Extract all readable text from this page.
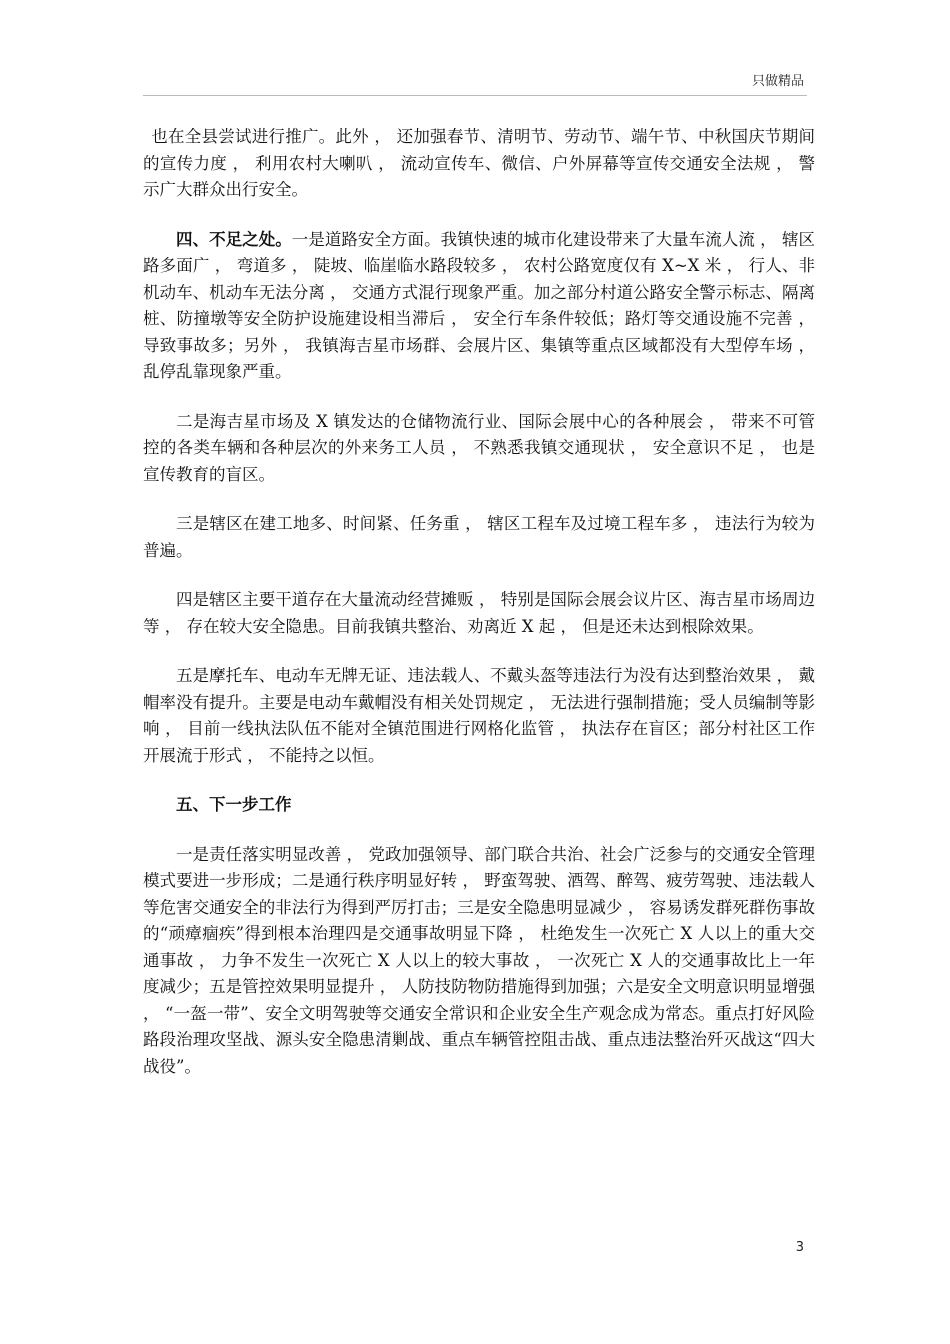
只做精品

也在全县尝试进行推广。此外 ， 还加强春节、清明节、劳动节、端午节、中秋国庆节期间的宣传力度 ， 利用农村大喇叭 ， 流动宣传车、微信、户外屏幕等宣传交通安全法规 ， 警示广大群众出行安全。

四、不足之处。一是道路安全方面。我镇快速的城市化建设带来了大量车流人流 ， 辖区路多面广 ， 弯道多 ， 陡坡、临崖临水路段较多 ， 农村公路宽度仅有 X~X 米 ， 行人、非机动车、机动车无法分离 ， 交通方式混行现象严重。加之部分村道公路安全警示标志、隔离桩、防撞墩等安全防护设施建设相当滞后 ， 安全行车条件较低；路灯等交通设施不完善 ， 导致事故多；另外 ， 我镇海吉星市场群、会展片区、集镇等重点区域都没有大型停车场 ， 乱停乱靠现象严重。

二是海吉星市场及 X 镇发达的仓储物流行业、国际会展中心的各种展会 ， 带来不可管控的各类车辆和各种层次的外来务工人员 ， 不熟悉我镇交通现状 ， 安全意识不足 ， 也是宣传教育的盲区。

三是辖区在建工地多、时间紧、任务重 ， 辖区工程车及过境工程车多 ， 违法行为较为普遍。

四是辖区主要干道存在大量流动经营摊贩 ， 特别是国际会展会议片区、海吉星市场周边等 ， 存在较大安全隐患。目前我镇共整治、劝离近 X 起 ， 但是还未达到根除效果。

五是摩托车、电动车无牌无证、违法载人、不戴头盔等违法行为没有达到整治效果 ， 戴帽率没有提升。主要是电动车戴帽没有相关处罚规定 ， 无法进行强制措施；受人员编制等影响 ， 目前一线执法队伍不能对全镇范围进行网格化监管 ， 执法存在盲区；部分村社区工作开展流于形式 ， 不能持之以恒。

五、下一步工作

一是责任落实明显改善 ， 党政加强领导、部门联合共治、社会广泛参与的交通安全管理模式要进一步形成；二是通行秩序明显好转 ， 野蛮驾驶、酒驾、醉驾、疲劳驾驶、违法载人等危害交通安全的非法行为得到严厉打击；三是安全隐患明显减少 ， 容易诱发群死群伤事故的“顽瘴痼疾”得到根本治理四是交通事故明显下降 ， 杜绝发生一次死亡 X 人以上的重大交通事故 ， 力争不发生一次死亡 X 人以上的较大事故 ， 一次死亡 X 人的交通事故比上一年度减少；五是管控效果明显提升 ， 人防技防物防措施得到加强；六是安全文明意识明显增强 ， “一盔一带”、安全文明驾驶等交通安全常识和企业安全生产观念成为常态。重点打好风险路段治理攻坚战、源头安全隐患清剿战、重点车辆管控阻击战、重点违法整治歼灭战这“四大战役”。

3
